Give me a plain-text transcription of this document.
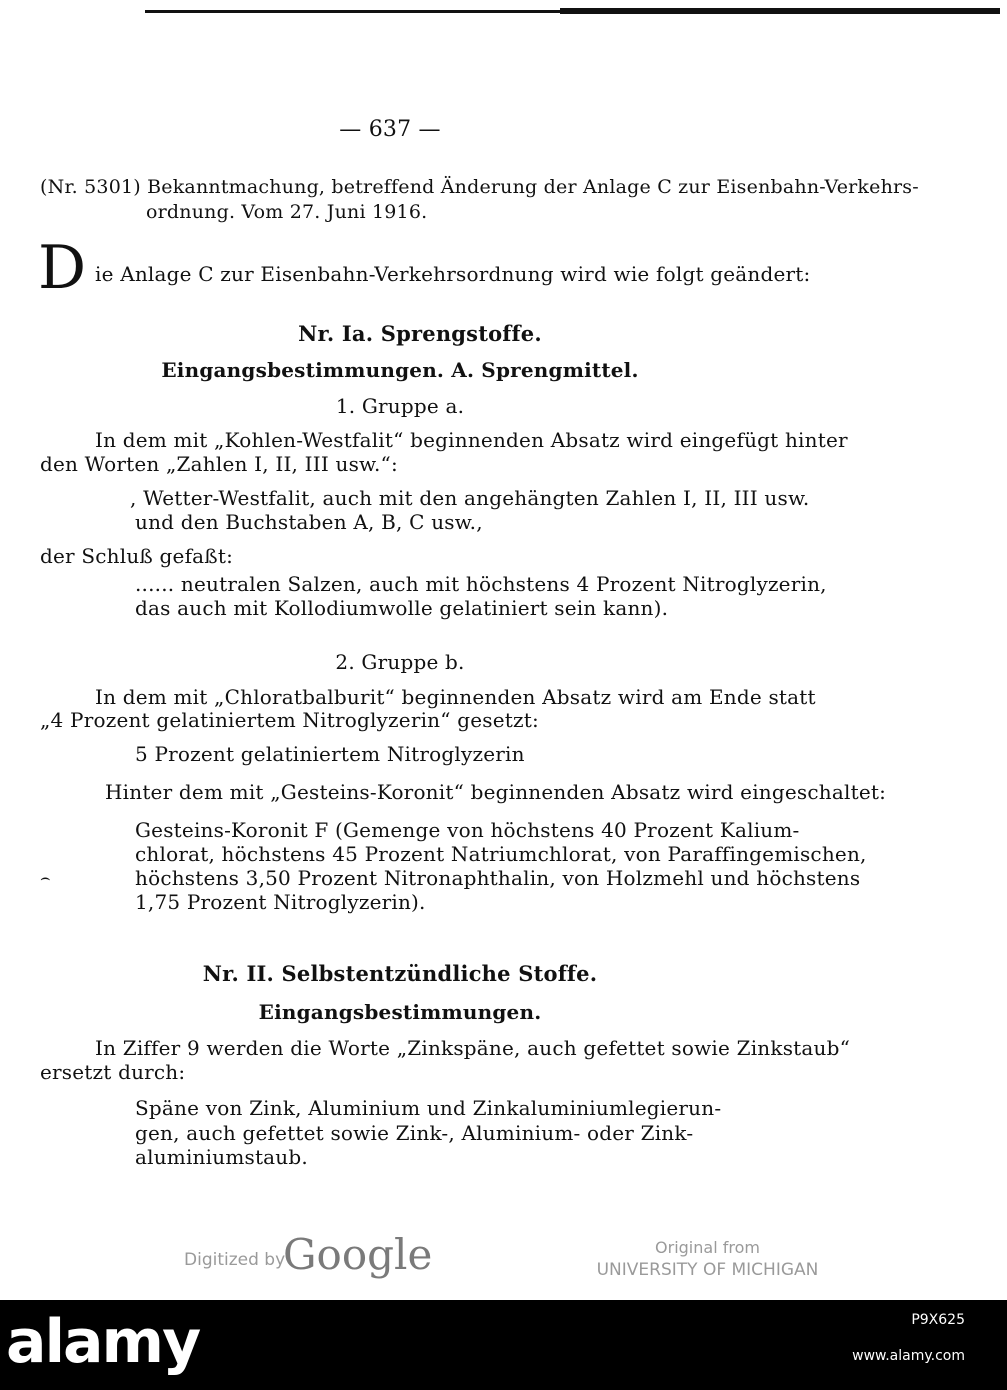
— 637 —
(Nr. 5301) Bekanntmachung, betreffend Änderung der Anlage C zur Eisenbahn-Verkehrs-
ordnung. Vom 27. Juni 1916.
D ie Anlage C zur Eisenbahn-Verkehrsordnung wird wie folgt geändert:
Nr. Ia. Sprengstoffe.
Eingangsbestimmungen. A. Sprengmittel.
1. Gruppe a.
In dem mit „Kohlen-Westfalit“ beginnenden Absatz wird eingefügt hinter
den Worten „Zahlen I, II, III usw.“:
, Wetter-Westfalit, auch mit den angehängten Zahlen I, II, III usw.
und den Buchstaben A, B, C usw.,
der Schluß gefaßt:
...... neutralen Salzen, auch mit höchstens 4 Prozent Nitroglyzerin,
das auch mit Kollodiumwolle gelatiniert sein kann).
2. Gruppe b.
In dem mit „Chloratbalburit“ beginnenden Absatz wird am Ende statt
„4 Prozent gelatiniertem Nitroglyzerin“ gesetzt:
5 Prozent gelatiniertem Nitroglyzerin
Hinter dem mit „Gesteins-Koronit“ beginnenden Absatz wird eingeschaltet:
Gesteins-Koronit F (Gemenge von höchstens 40 Prozent Kalium-
chlorat, höchstens 45 Prozent Natriumchlorat, von Paraffingemischen,
höchstens 3,50 Prozent Nitronaphthalin, von Holzmehl und höchstens
1,75 Prozent Nitroglyzerin).
⌢
Nr. II. Selbstentzündliche Stoffe.
Eingangsbestimmungen.
In Ziffer 9 werden die Worte „Zinkspäne, auch gefettet sowie Zinkstaub“
ersetzt durch:
Späne von Zink, Aluminium und Zinkaluminiumlegierun-
gen, auch gefettet sowie Zink-, Aluminium- oder Zink-
aluminiumstaub.
Digitized by
Google	Original from
UNIVERSITY OF MICHIGAN
alamy	P9X625
www.alamy.com
